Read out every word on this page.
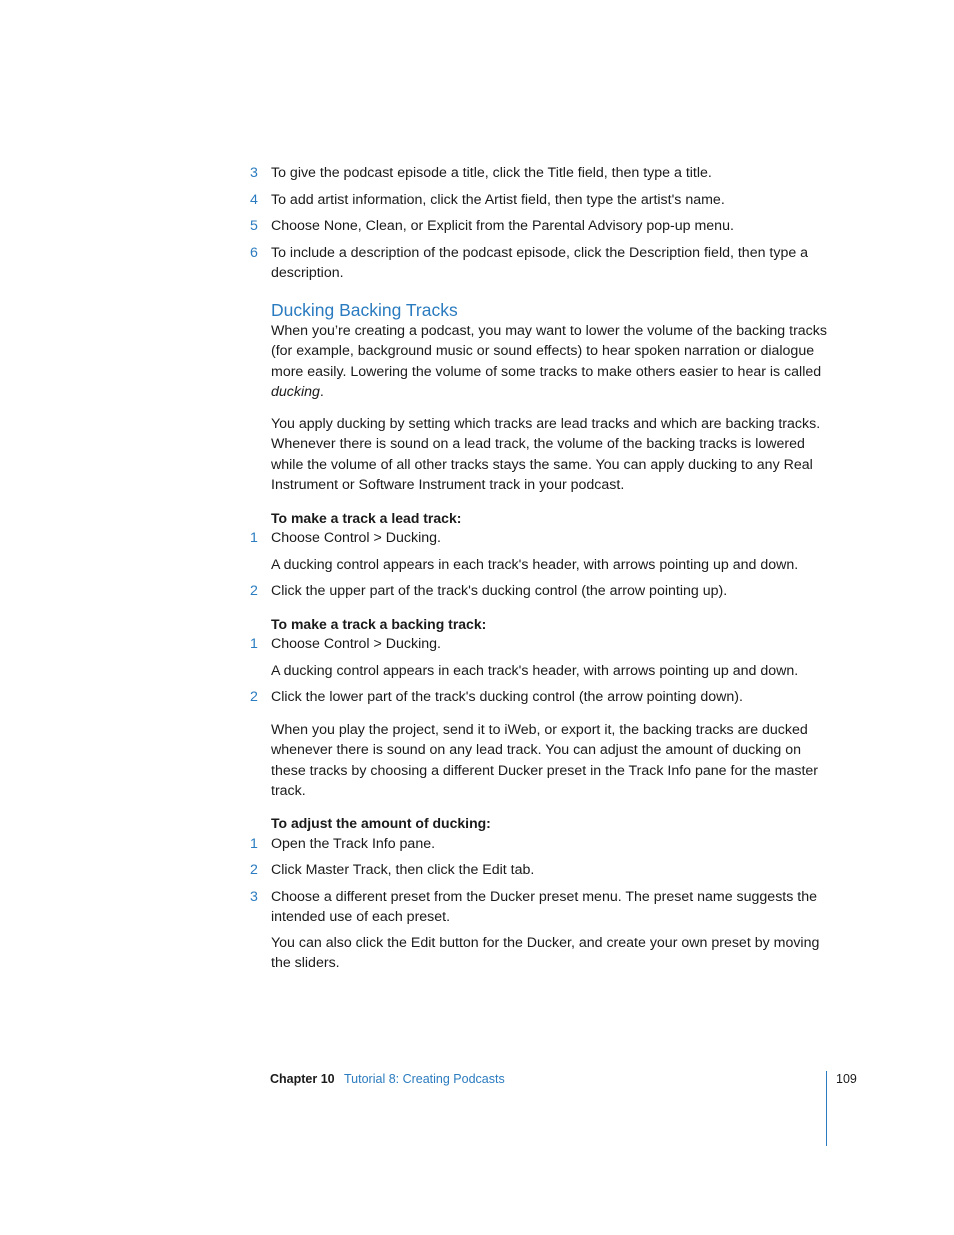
3 To give the podcast episode a title, click the Title field, then type a title.
4 To add artist information, click the Artist field, then type the artist's name.
5 Choose None, Clean, or Explicit from the Parental Advisory pop-up menu.
6 To include a description of the podcast episode, click the Description field, then type a description.
Ducking Backing Tracks
When you’re creating a podcast, you may want to lower the volume of the backing tracks (for example, background music or sound effects) to hear spoken narration or dialogue more easily. Lowering the volume of some tracks to make others easier to hear is called ducking.
You apply ducking by setting which tracks are lead tracks and which are backing tracks. Whenever there is sound on a lead track, the volume of the backing tracks is lowered while the volume of all other tracks stays the same. You can apply ducking to any Real Instrument or Software Instrument track in your podcast.
To make a track a lead track:
1 Choose Control > Ducking.
A ducking control appears in each track's header, with arrows pointing up and down.
2 Click the upper part of the track's ducking control (the arrow pointing up).
To make a track a backing track:
1 Choose Control > Ducking.
A ducking control appears in each track's header, with arrows pointing up and down.
2 Click the lower part of the track's ducking control (the arrow pointing down).
When you play the project, send it to iWeb, or export it, the backing tracks are ducked whenever there is sound on any lead track. You can adjust the amount of ducking on these tracks by choosing a different Ducker preset in the Track Info pane for the master track.
To adjust the amount of ducking:
1 Open the Track Info pane.
2 Click Master Track, then click the Edit tab.
3 Choose a different preset from the Ducker preset menu. The preset name suggests the intended use of each preset.
You can also click the Edit button for the Ducker, and create your own preset by moving the sliders.
Chapter 10 Tutorial 8: Creating Podcasts	109
